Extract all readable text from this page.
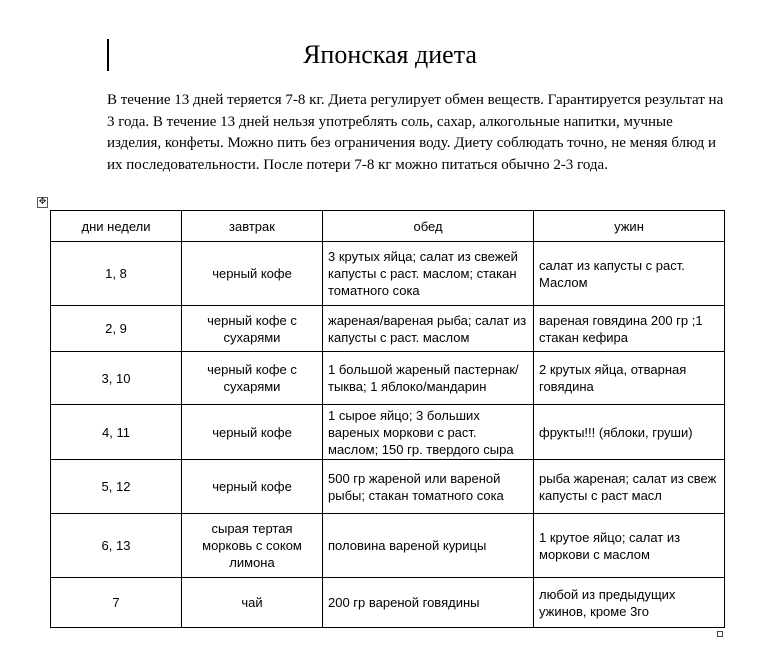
Японская диета
В течение 13 дней теряется 7-8 кг. Диета регулирует обмен веществ. Гарантируется результат на 3 года. В течение 13 дней нельзя употреблять соль, сахар, алкогольные напитки, мучные изделия, конфеты. Можно пить без ограничения воду. Диету соблюдать точно, не меняя блюд и их последовательности. После потери 7-8 кг можно питаться обычно 2-3 года.
✥
дни недели	завтрак	обед	ужин
1, 8	черный кофе	3 крутых яйца; салат из свежей капусты с раст. маслом; стакан томатного сока	салат из капусты с раст. Маслом
2, 9	черный кофе с сухарями	жареная/вареная рыба; салат из капусты с раст. маслом	вареная говядина 200 гр ;1 стакан кефира
3, 10	черный кофе с сухарями	1 большой жареный пастернак/тыква; 1 яблоко/мандарин	2 крутых яйца, отварная говядина
4, 11	черный кофе	1 сырое яйцо; 3 больших вареных моркови с раст. маслом; 150 гр. твердого сыра	фрукты!!! (яблоки, груши)
5, 12	черный кофе	500 гр жареной или вареной рыбы; стакан томатного сока	рыба жареная; салат из свеж капусты с раст масл
6, 13	сырая тертая морковь с соком лимона	половина вареной курицы	1 крутое яйцо; салат из моркови с маслом
7	чай	200 гр вареной говядины	любой из предыдущих ужинов, кроме 3го
